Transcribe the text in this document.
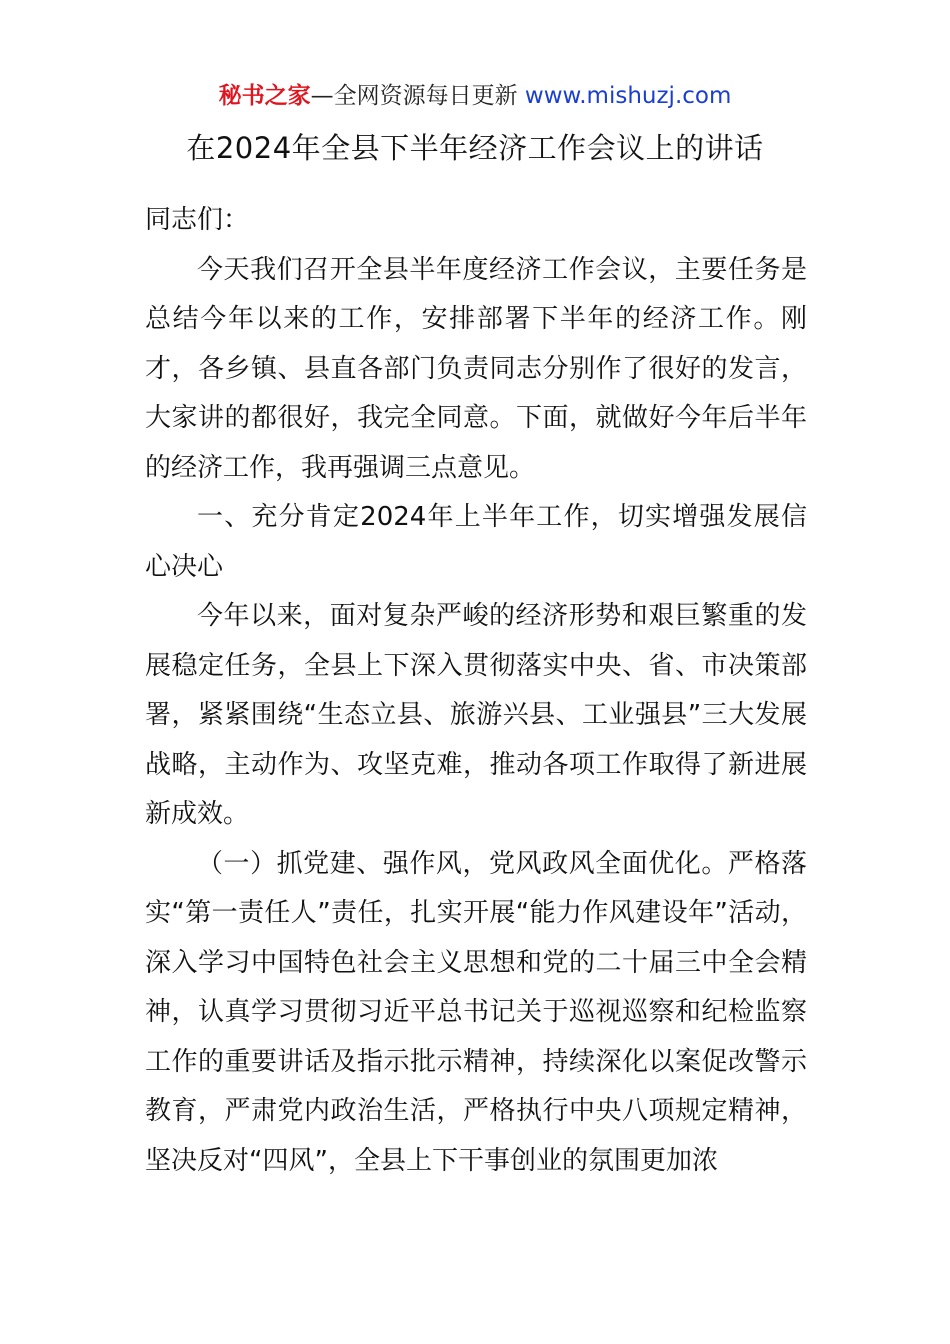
秘书之家—全网资源每日更新 www.mishuzj.com
在2024年全县下半年经济工作会议上的讲话

同志们：

今天我们召开全县半年度经济工作会议，主要任务是总结今年以来的工作，安排部署下半年的经济工作。刚才，各乡镇、县直各部门负责同志分别作了很好的发言，大家讲的都很好，我完全同意。下面，就做好今年后半年的经济工作，我再强调三点意见。

一、充分肯定2024年上半年工作，切实增强发展信心决心

今年以来，面对复杂严峻的经济形势和艰巨繁重的发展稳定任务，全县上下深入贯彻落实中央、省、市决策部署，紧紧围绕“生态立县、旅游兴县、工业强县”三大发展战略，主动作为、攻坚克难，推动各项工作取得了新进展新成效。

（一）抓党建、强作风，党风政风全面优化。严格落实“第一责任人”责任，扎实开展“能力作风建设年”活动，深入学习中国特色社会主义思想和党的二十届三中全会精神，认真学习贯彻习近平总书记关于巡视巡察和纪检监察工作的重要讲话及指示批示精神，持续深化以案促改警示教育，严肃党内政治生活，严格执行中央八项规定精神，坚决反对“四风”，全县上下干事创业的氛围更加浓
